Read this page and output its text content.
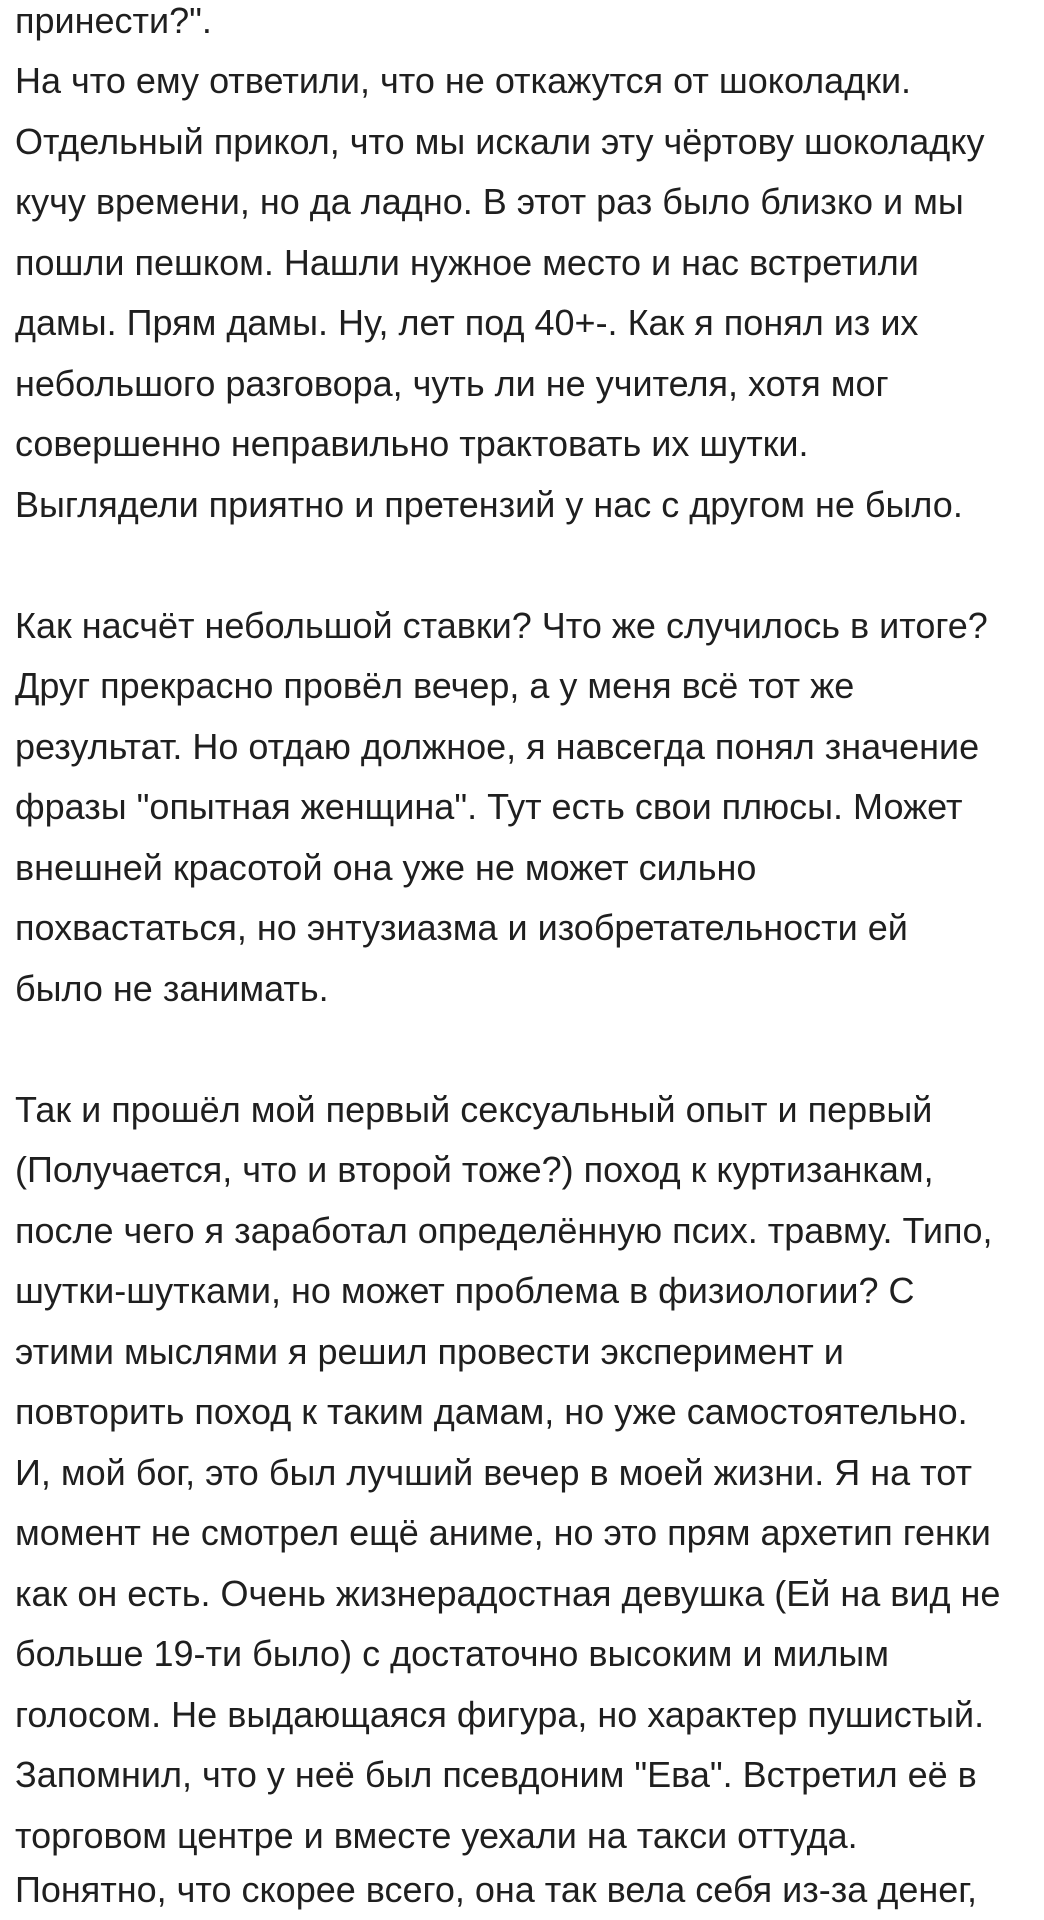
принести?".
На что ему ответили, что не откажутся от шоколадки.
Отдельный прикол, что мы искали эту чёртову шоколадку
кучу времени, но да ладно. В этот раз было близко и мы
пошли пешком. Нашли нужное место и нас встретили
дамы. Прям дамы. Ну, лет под 40+-. Как я понял из их
небольшого разговора, чуть ли не учителя, хотя мог
совершенно неправильно трактовать их шутки.
Выглядели приятно и претензий у нас с другом не было.
Как насчёт небольшой ставки? Что же случилось в итоге?
Друг прекрасно провёл вечер, а у меня всё тот же
результат. Но отдаю должное, я навсегда понял значение
фразы "опытная женщина". Тут есть свои плюсы. Может
внешней красотой она уже не может сильно
похвастаться, но энтузиазма и изобретательности ей
было не занимать.
Так и прошёл мой первый сексуальный опыт и первый
(Получается, что и второй тоже?) поход к куртизанкам,
после чего я заработал определённую псих. травму. Типо,
шутки-шутками, но может проблема в физиологии? С
этими мыслями я решил провести эксперимент и
повторить поход к таким дамам, но уже самостоятельно.
И, мой бог, это был лучший вечер в моей жизни. Я на тот
момент не смотрел ещё аниме, но это прям архетип генки
как он есть. Очень жизнерадостная девушка (Ей на вид не
больше 19-ти было) с достаточно высоким и милым
голосом. Не выдающаяся фигура, но характер пушистый.
Запомнил, что у неё был псевдоним "Ева". Встретил её в
торговом центре и вместе уехали на такси оттуда.
Понятно, что скорее всего, она так вела себя из-за денег,
